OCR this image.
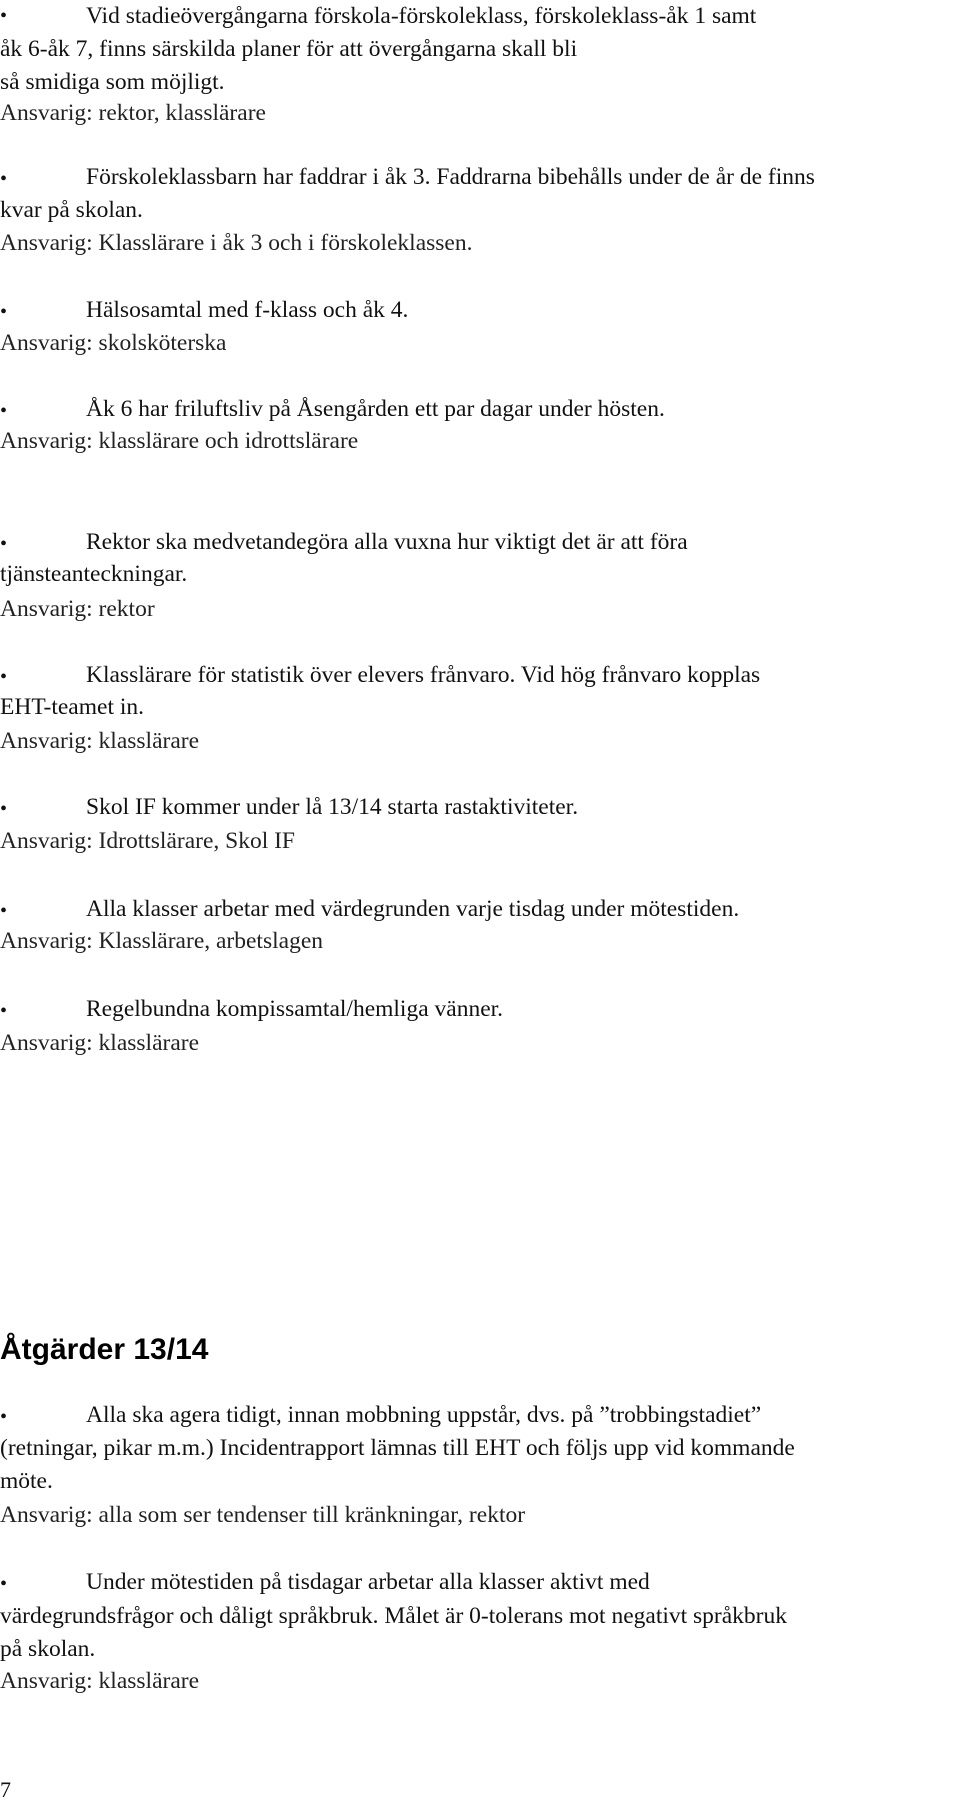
•	Vid stadieövergångarna förskola-förskoleklass, förskoleklass-åk 1 samt
åk 6-åk 7, finns särskilda planer för att övergångarna skall bli
så smidiga som möjligt.
Ansvarig: rektor, klasslärare
•	Förskoleklassbarn har faddrar i åk 3. Faddrarna bibehålls under de år de finns
kvar på skolan.
Ansvarig: Klasslärare i åk 3 och i förskoleklassen.
•	Hälsosamtal med f-klass och åk 4.
Ansvarig: skolsköterska
•	Åk 6 har friluftsliv på Åsengården ett par dagar under hösten.
Ansvarig: klasslärare och idrottslärare
•	Rektor ska medvetandegöra alla vuxna hur viktigt det är att föra
tjänsteanteckningar.
Ansvarig: rektor
•	Klasslärare för statistik över elevers frånvaro. Vid hög frånvaro kopplas
EHT-teamet in.
Ansvarig: klasslärare
•	Skol IF kommer under lå 13/14 starta rastaktiviteter.
Ansvarig: Idrottslärare, Skol IF
•	Alla klasser arbetar med värdegrunden varje tisdag under mötestiden.
Ansvarig: Klasslärare, arbetslagen
•	Regelbundna kompissamtal/hemliga vänner.
Ansvarig: klasslärare
Åtgärder 13/14
•	Alla ska agera tidigt, innan mobbning uppstår, dvs. på ”trobbingstadiet”
(retningar, pikar m.m.) Incidentrapport lämnas till EHT och följs upp vid kommande
möte.
Ansvarig: alla som ser tendenser till kränkningar, rektor
•	Under mötestiden på tisdagar arbetar alla klasser aktivt med
värdegrundsfrågor och dåligt språkbruk. Målet är 0-tolerans mot negativt språkbruk
på skolan.
Ansvarig: klasslärare
7
